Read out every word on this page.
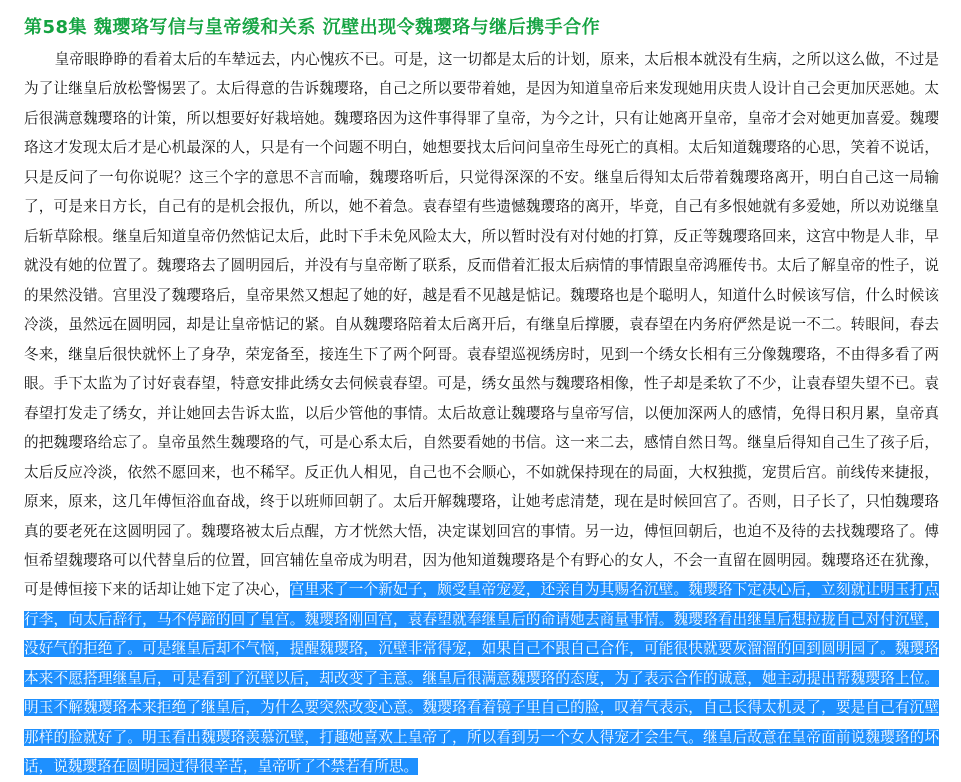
第58集 魏璎珞写信与皇帝缓和关系 沉壁出现令魏璎珞与继后携手合作

皇帝眼睁睁的看着太后的车辇远去，内心愧疚不已。可是，这一切都是太后的计划，原来，太后根本就没有生病，之所以这么做，不过是为了让继皇后放松警惕罢了。太后得意的告诉魏璎珞，自己之所以要带着她，是因为知道皇帝后来发现她用庆贵人设计自己会更加厌恶她。太后很满意魏璎珞的计策，所以想要好好栽培她。魏璎珞因为这件事得罪了皇帝，为今之计，只有让她离开皇帝，皇帝才会对她更加喜爱。魏璎珞这才发现太后才是心机最深的人，只是有一个问题不明白，她想要找太后问问皇帝生母死亡的真相。太后知道魏璎珞的心思，笑着不说话，只是反问了一句你说呢？这三个字的意思不言而喻，魏璎珞听后，只觉得深深的不安。继皇后得知太后带着魏璎珞离开，明白自己这一局输了，可是来日方长，自己有的是机会报仇，所以，她不着急。袁春望有些遗憾魏璎珞的离开，毕竟，自己有多恨她就有多爱她，所以劝说继皇后斩草除根。继皇后知道皇帝仍然惦记太后，此时下手未免风险太大，所以暂时没有对付她的打算，反正等魏璎珞回来，这宫中物是人非，早就没有她的位置了。魏璎珞去了圆明园后，并没有与皇帝断了联系，反而借着汇报太后病情的事情跟皇帝鸿雁传书。太后了解皇帝的性子，说的果然没错。宫里没了魏璎珞后，皇帝果然又想起了她的好，越是看不见越是惦记。魏璎珞也是个聪明人，知道什么时候该写信，什么时候该冷淡，虽然远在圆明园，却是让皇帝惦记的紧。自从魏璎珞陪着太后离开后，有继皇后撑腰，袁春望在内务府俨然是说一不二。转眼间，春去冬来，继皇后很快就怀上了身孕，荣宠备至，接连生下了两个阿哥。袁春望巡视绣房时，见到一个绣女长相有三分像魏璎珞，不由得多看了两眼。手下太监为了讨好袁春望，特意安排此绣女去伺候袁春望。可是，绣女虽然与魏璎珞相像，性子却是柔软了不少，让袁春望失望不已。袁春望打发走了绣女，并让她回去告诉太监，以后少管他的事情。太后故意让魏璎珞与皇帝写信，以便加深两人的感情，免得日积月累，皇帝真的把魏璎珞给忘了。皇帝虽然生魏璎珞的气，可是心系太后，自然要看她的书信。这一来二去，感情自然日驾。继皇后得知自己生了孩子后，太后反应冷淡，依然不愿回来，也不稀罕。反正仇人相见，自己也不会顺心，不如就保持现在的局面，大权独揽，宠贯后宫。前线传来捷报，原来，原来，这几年傅恒浴血奋战，终于以班师回朝了。太后开解魏璎珞，让她考虑清楚，现在是时候回宫了。否则，日子长了，只怕魏璎珞真的要老死在这圆明园了。魏璎珞被太后点醒，方才恍然大悟，决定谋划回宫的事情。另一边，傅恒回朝后，也迫不及待的去找魏璎珞了。傅恒希望魏璎珞可以代替皇后的位置，回宫辅佐皇帝成为明君，因为他知道魏璎珞是个有野心的女人，不会一直留在圆明园。魏璎珞还在犹豫，可是傅恒接下来的话却让她下定了决心，宫里来了一个新妃子，颇受皇帝宠爱，还亲自为其赐名沉壁。魏璎珞下定决心后，立刻就让明玉打点行李，向太后辞行，马不停蹄的回了皇宫。魏璎珞刚回宫，袁春望就奉继皇后的命请她去商量事情。魏璎珞看出继皇后想拉拢自己对付沉壁，没好气的拒绝了。可是继皇后却不气恼，提醒魏璎珞，沉壁非常得宠，如果自己不跟自己合作，可能很快就要灰溜溜的回到圆明园了。魏璎珞本来不愿搭理继皇后，可是看到了沉壁以后，却改变了主意。继皇后很满意魏璎珞的态度，为了表示合作的诚意，她主动提出帮魏璎珞上位。明玉不解魏璎珞本来拒绝了继皇后，为什么要突然改变心意。魏璎珞看着镜子里自己的脸，叹着气表示，自己长得太机灵了，要是自己有沉壁那样的脸就好了。明玉看出魏璎珞羡慕沉壁，打趣她喜欢上皇帝了，所以看到另一个女人得宠才会生气。继皇后故意在皇帝面前说魏璎珞的坏话，说魏璎珞在圆明园过得很辛苦，皇帝听了不禁若有所思。
